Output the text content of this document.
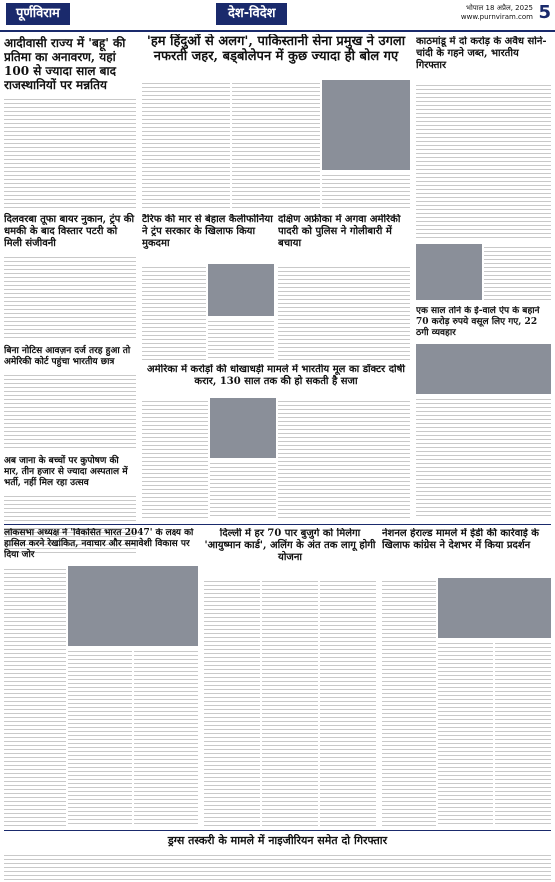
पूर्णविराम	देश-विदेश	भोपाल 18 अप्रैल, 2025
www.purnviram.com 5
आदीवासी राज्य में 'बहू' की प्रतिमा का अनावरण, यहां 100 से ज्यादा साल बाद राजस्थानियों पर मन्नतिय
दिलवरबा तूफा बायर नुकान, ट्रंप की धमकी के बाद विस्तार पटरी को मिली संजीवनी
बिना नोटिस आवज़न दर्ज तरह हुआ तो अमेरिकी कोर्ट पहुंचा भारतीय छात्र
अब जाना के बच्चों पर कुपोषण की मार, तीन हजार से ज्यादा अस्पताल में भर्ती, नहीं मिल रहा उत्सव
'हम हिंदुओं से अलग', पाकिस्तानी सेना प्रमुख ने उगला नफरती जहर, बड्बोलेपन में कुछ ज्यादा ही बोल गए
टैरिफ की मार से बेहाल कैलीफोर्निया ने ट्रंप सरकार के खिलाफ किया मुकदमा
दक्षिण अफ्रीका में अगवा अमेरिकी पादरी को पुलिस ने गोलीबारी में बचाया
अमेरिका में करोड़ों की धोखाधड़ी मामले में भारतीय मूल का डॉक्टर दोषी करार, 130 साल तक की हो सकती है सजा
काठमांडू में दो करोड़ के अवैध सोने- चांदी के गहने जब्त, भारतीय गिरफ्तार
एक साल तोने के ई-वाले ऐप के बहाने 70 करोड़ रुपये वसूल लिए गए, 22 ठगी व्यवहार
लोकसभा अध्यक्ष ने 'विकसित भारत 2047' के लक्ष्य को हासिल करने रेखांकित, नवाचार और समावेशी विकास पर दिया जोर
दिल्ली में हर 70 पार बुजुर्ग को मिलेगा 'आयुष्मान कार्ड', अलिंग के अंत तक लागू होगी योजना
नेशनल हेराल्ड मामले में ईडी की कार्रवाई के खिलाफ कांग्रेस ने देशभर में किया प्रदर्शन
ड्रग्स तस्करी के मामले में नाइजीरियन समेत दो गिरफ्तार
